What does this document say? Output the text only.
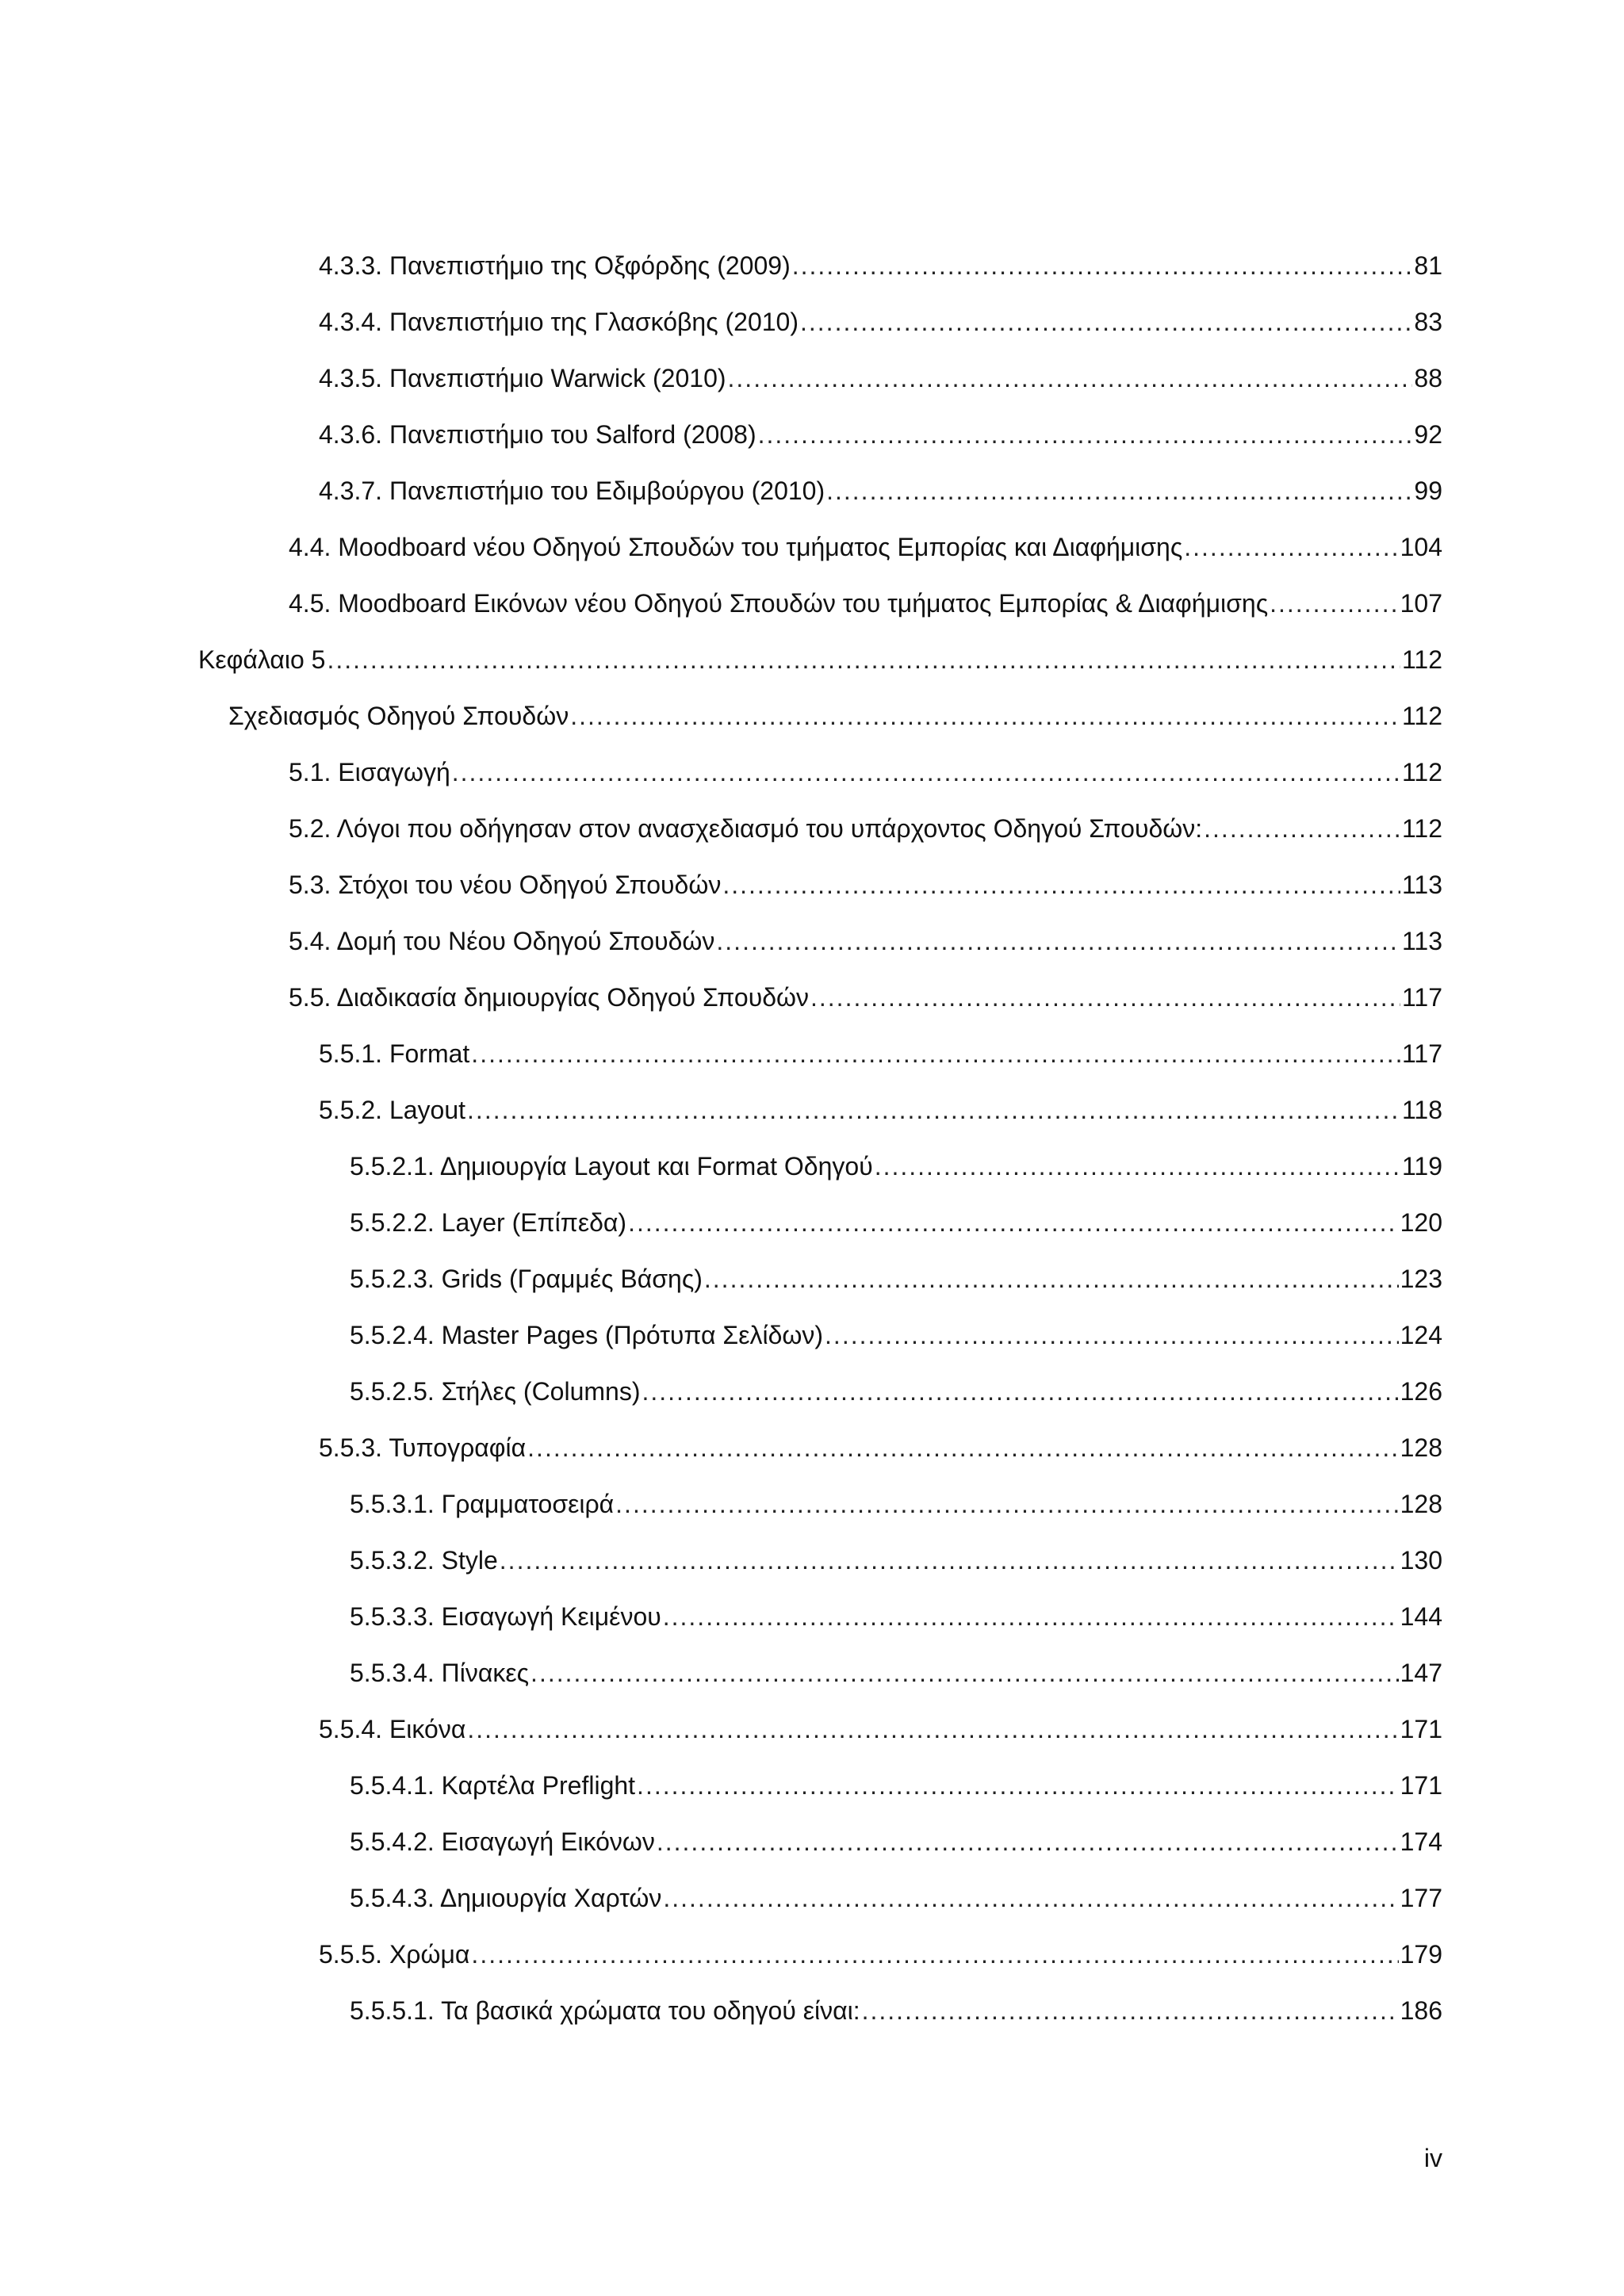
4.3.3. Πανεπιστήμιο της Οξφόρδης (2009) .....	81
4.3.4. Πανεπιστήμιο της Γλασκόβης (2010) .....	83
4.3.5. Πανεπιστήμιο Warwick (2010) .....	88
4.3.6. Πανεπιστήμιο του Salford (2008) .....	92
4.3.7. Πανεπιστήμιο του Εδιμβούργου (2010) .....	99
4.4. Moodboard νέου Οδηγού Σπουδών του τμήματος Εμπορίας και Διαφήμισης .....	104
4.5. Moodboard Εικόνων νέου Οδηγού Σπουδών του τμήματος Εμπορίας & Διαφήμισης .....	107
Κεφάλαιο 5 .....	112
Σχεδιασμός Οδηγού Σπουδών .....	112
5.1. Εισαγωγή .....	112
5.2. Λόγοι που οδήγησαν στον ανασχεδιασμό του υπάρχοντος Οδηγού Σπουδών: .....	112
5.3. Στόχοι του νέου Οδηγού Σπουδών .....	113
5.4. Δομή του Νέου Οδηγού Σπουδών .....	113
5.5. Διαδικασία δημιουργίας Οδηγού Σπουδών .....	117
5.5.1. Format .....	117
5.5.2. Layout .....	118
5.5.2.1. Δημιουργία Layout και Format Οδηγού .....	119
5.5.2.2. Layer (Επίπεδα) .....	120
5.5.2.3. Grids (Γραμμές Βάσης) .....	123
5.5.2.4. Master Pages (Πρότυπα Σελίδων) .....	124
5.5.2.5. Στήλες (Columns) .....	126
5.5.3. Τυπογραφία .....	128
5.5.3.1. Γραμματοσειρά .....	128
5.5.3.2. Style .....	130
5.5.3.3. Εισαγωγή Κειμένου .....	144
5.5.3.4. Πίνακες .....	147
5.5.4. Εικόνα .....	171
5.5.4.1. Καρτέλα Preflight .....	171
5.5.4.2. Εισαγωγή Εικόνων .....	174
5.5.4.3. Δημιουργία Χαρτών .....	177
5.5.5. Χρώμα .....	179
5.5.5.1. Τα βασικά χρώματα του οδηγού είναι: .....	186
iv
